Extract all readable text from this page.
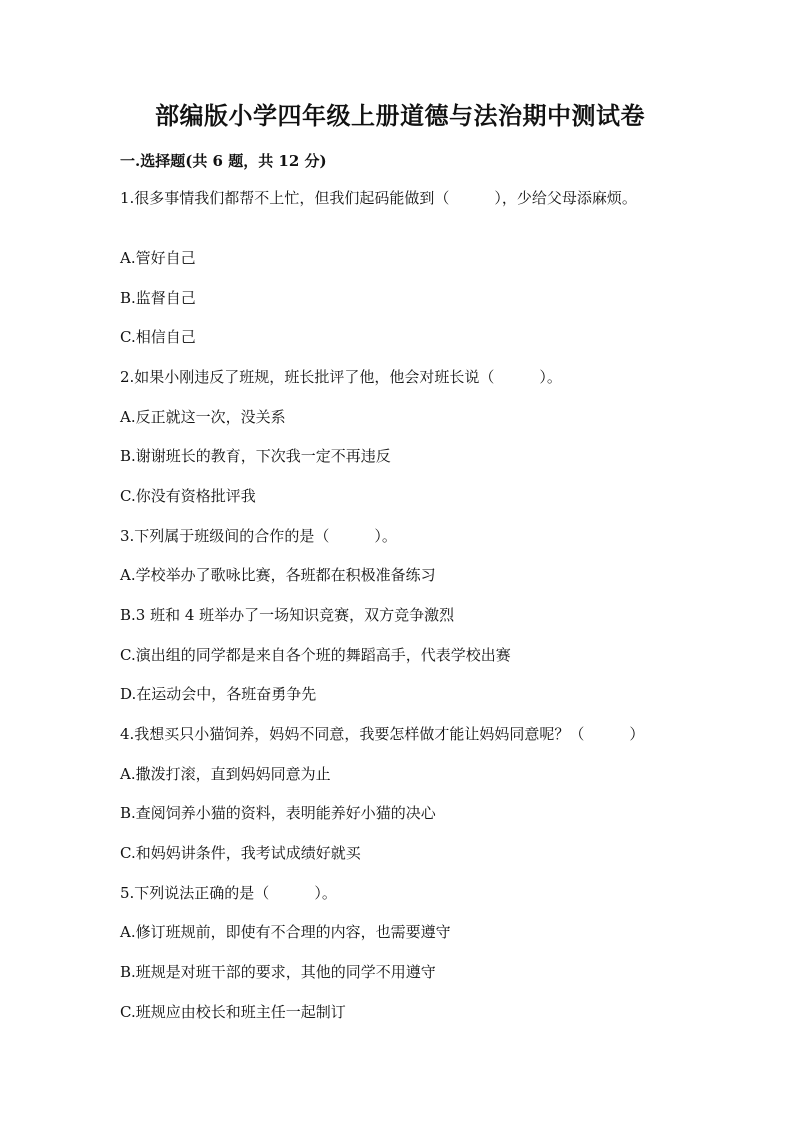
部编版小学四年级上册道德与法治期中测试卷

一.选择题(共 6 题，共 12 分)

1.很多事情我们都帮不上忙，但我们起码能做到（　　　），少给父母添麻烦。

A.管好自己

B.监督自己

C.相信自己

2.如果小刚违反了班规，班长批评了他，他会对班长说（　　　）。

A.反正就这一次，没关系

B.谢谢班长的教育，下次我一定不再违反

C.你没有资格批评我

3.下列属于班级间的合作的是（　　　）。

A.学校举办了歌咏比赛，各班都在积极准备练习

B.3 班和 4 班举办了一场知识竞赛，双方竞争激烈

C.演出组的同学都是来自各个班的舞蹈高手，代表学校出赛

D.在运动会中，各班奋勇争先

4.我想买只小猫饲养，妈妈不同意，我要怎样做才能让妈妈同意呢？（　　　）

A.撒泼打滚，直到妈妈同意为止

B.查阅饲养小猫的资料，表明能养好小猫的决心

C.和妈妈讲条件，我考试成绩好就买

5.下列说法正确的是（　　　）。

A.修订班规前，即使有不合理的内容，也需要遵守

B.班规是对班干部的要求，其他的同学不用遵守

C.班规应由校长和班主任一起制订
